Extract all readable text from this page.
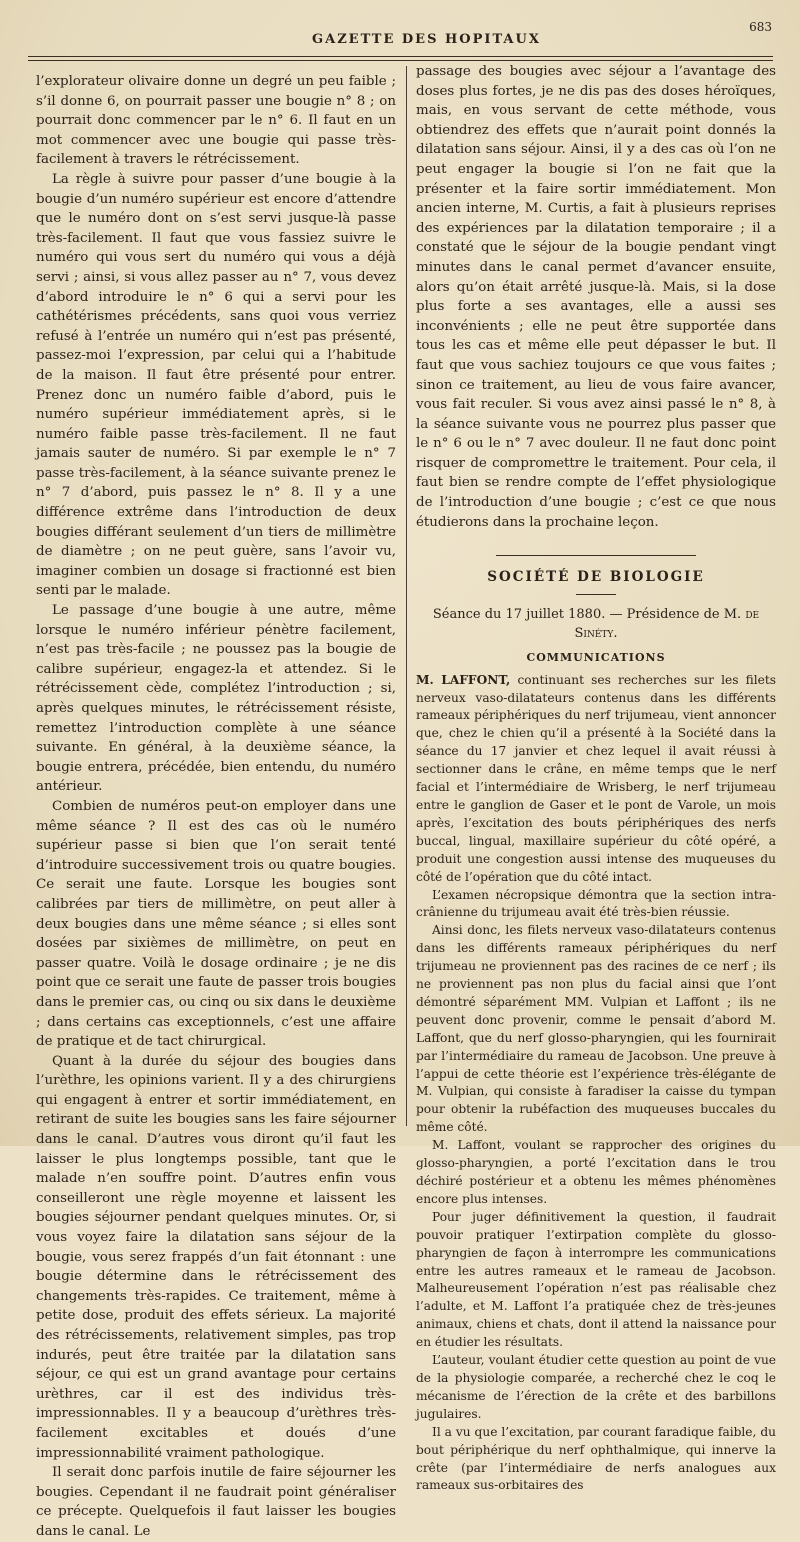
GAZETTE DES HOPITAUX
683

l’explorateur olivaire donne un degré un peu faible ; s’il donne 6, on pourrait passer une bougie n° 8 ; on pourrait donc commencer par le n° 6. Il faut en un mot commencer avec une bougie qui passe très-facilement à travers le rétrécissement.

La règle à suivre pour passer d’une bougie à la bougie d’un numéro supérieur est encore d’attendre que le numéro dont on s’est servi jusque-là passe très-facilement. Il faut que vous fassiez suivre le numéro qui vous sert du numéro qui vous a déjà servi ; ainsi, si vous allez passer au n° 7, vous devez d’abord introduire le n° 6 qui a servi pour les cathétérismes précédents, sans quoi vous verriez refusé à l’entrée un numéro qui n’est pas présenté, passez-moi l’expression, par celui qui a l’habitude de la maison. Il faut être présenté pour entrer. Prenez donc un numéro faible d’abord, puis le numéro supérieur immédiatement après, si le numéro faible passe très-facilement. Il ne faut jamais sauter de numéro. Si par exemple le n° 7 passe très-facilement, à la séance suivante prenez le n° 7 d’abord, puis passez le n° 8. Il y a une différence extrême dans l’introduction de deux bougies différant seulement d’un tiers de millimètre de diamètre ; on ne peut guère, sans l’avoir vu, imaginer combien un dosage si fractionné est bien senti par le malade.

Le passage d’une bougie à une autre, même lorsque le numéro inférieur pénètre facilement, n’est pas très-facile ; ne poussez pas la bougie de calibre supérieur, engagez-la et attendez. Si le rétrécissement cède, complétez l’introduction ; si, après quelques minutes, le rétrécissement résiste, remettez l’introduction complète à une séance suivante. En général, à la deuxième séance, la bougie entrera, précédée, bien entendu, du numéro antérieur.

Combien de numéros peut-on employer dans une même séance ? Il est des cas où le numéro supérieur passe si bien que l’on serait tenté d’introduire successivement trois ou quatre bougies. Ce serait une faute. Lorsque les bougies sont calibrées par tiers de millimètre, on peut aller à deux bougies dans une même séance ; si elles sont dosées par sixièmes de millimètre, on peut en passer quatre. Voilà le dosage ordinaire ; je ne dis point que ce serait une faute de passer trois bougies dans le premier cas, ou cinq ou six dans le deuxième ; dans certains cas exceptionnels, c’est une affaire de pratique et de tact chirurgical.

Quant à la durée du séjour des bougies dans l’urèthre, les opinions varient. Il y a des chirurgiens qui engagent à entrer et sortir immédiatement, en retirant de suite les bougies sans les faire séjourner dans le canal. D’autres vous diront qu’il faut les laisser le plus longtemps possible, tant que le malade n’en souffre point. D’autres enfin vous conseilleront une règle moyenne et laissent les bougies séjourner pendant quelques minutes. Or, si vous voyez faire la dilatation sans séjour de la bougie, vous serez frappés d’un fait étonnant : une bougie détermine dans le rétrécissement des changements très-rapides. Ce traitement, même à petite dose, produit des effets sérieux. La majorité des rétrécissements, relativement simples, pas trop indurés, peut être traitée par la dilatation sans séjour, ce qui est un grand avantage pour certains urèthres, car il est des individus très-impressionnables. Il y a beaucoup d’urèthres très-facilement excitables et doués d’une impressionnabilité vraiment pathologique.

Il serait donc parfois inutile de faire séjourner les bougies. Cependant il ne faudrait point généraliser ce précepte. Quelquefois il faut laisser les bougies dans le canal. Le

passage des bougies avec séjour a l’avantage des doses plus fortes, je ne dis pas des doses héroïques, mais, en vous servant de cette méthode, vous obtiendrez des effets que n’aurait point donnés la dilatation sans séjour. Ainsi, il y a des cas où l’on ne peut engager la bougie si l’on ne fait que la présenter et la faire sortir immédiatement. Mon ancien interne, M. Curtis, a fait à plusieurs reprises des expériences par la dilatation temporaire ; il a constaté que le séjour de la bougie pendant vingt minutes dans le canal permet d’avancer ensuite, alors qu’on était arrêté jusque-là. Mais, si la dose plus forte a ses avantages, elle a aussi ses inconvénients ; elle ne peut être supportée dans tous les cas et même elle peut dépasser le but. Il faut que vous sachiez toujours ce que vous faites ; sinon ce traitement, au lieu de vous faire avancer, vous fait reculer. Si vous avez ainsi passé le n° 8, à la séance suivante vous ne pourrez plus passer que le n° 6 ou le n° 7 avec douleur. Il ne faut donc point risquer de compromettre le traitement. Pour cela, il faut bien se rendre compte de l’effet physiologique de l’introduction d’une bougie ; c’est ce que nous étudierons dans la prochaine leçon.

SOCIÉTÉ DE BIOLOGIE
Séance du 17 juillet 1880. — Présidence de M. de Sinéty.
COMMUNICATIONS

M. LAFFONT, continuant ses recherches sur les filets nerveux vaso-dilatateurs contenus dans les différents rameaux périphériques du nerf trijumeau, vient annoncer que, chez le chien qu’il a présenté à la Société dans la séance du 17 janvier et chez lequel il avait réussi à sectionner dans le crâne, en même temps que le nerf facial et l’intermédiaire de Wrisberg, le nerf trijumeau entre le ganglion de Gaser et le pont de Varole, un mois après, l’excitation des bouts périphériques des nerfs buccal, lingual, maxillaire supérieur du côté opéré, a produit une congestion aussi intense des muqueuses du côté de l’opération que du côté intact.

L’examen nécropsique démontra que la section intra-crânienne du trijumeau avait été très-bien réussie.

Ainsi donc, les filets nerveux vaso-dilatateurs contenus dans les différents rameaux périphériques du nerf trijumeau ne proviennent pas des racines de ce nerf ; ils ne proviennent pas non plus du facial ainsi que l’ont démontré séparément MM. Vulpian et Laffont ; ils ne peuvent donc provenir, comme le pensait d’abord M. Laffont, que du nerf glosso-pharyngien, qui les fournirait par l’intermédiaire du rameau de Jacobson. Une preuve à l’appui de cette théorie est l’expérience très-élégante de M. Vulpian, qui consiste à faradiser la caisse du tympan pour obtenir la rubéfaction des muqueuses buccales du même côté.

M. Laffont, voulant se rapprocher des origines du glosso-pharyngien, a porté l’excitation dans le trou déchiré postérieur et a obtenu les mêmes phénomènes encore plus intenses.

Pour juger définitivement la question, il faudrait pouvoir pratiquer l’extirpation complète du glosso-pharyngien de façon à interrompre les communications entre les autres rameaux et le rameau de Jacobson. Malheureusement l’opération n’est pas réalisable chez l’adulte, et M. Laffont l’a pratiquée chez de très-jeunes animaux, chiens et chats, dont il attend la naissance pour en étudier les résultats.

L’auteur, voulant étudier cette question au point de vue de la physiologie comparée, a recherché chez le coq le mécanisme de l’érection de la crête et des barbillons jugulaires.

Il a vu que l’excitation, par courant faradique faible, du bout périphérique du nerf ophthalmique, qui innerve la crête (par l’intermédiaire de nerfs analogues aux rameaux sus-orbitaires des
